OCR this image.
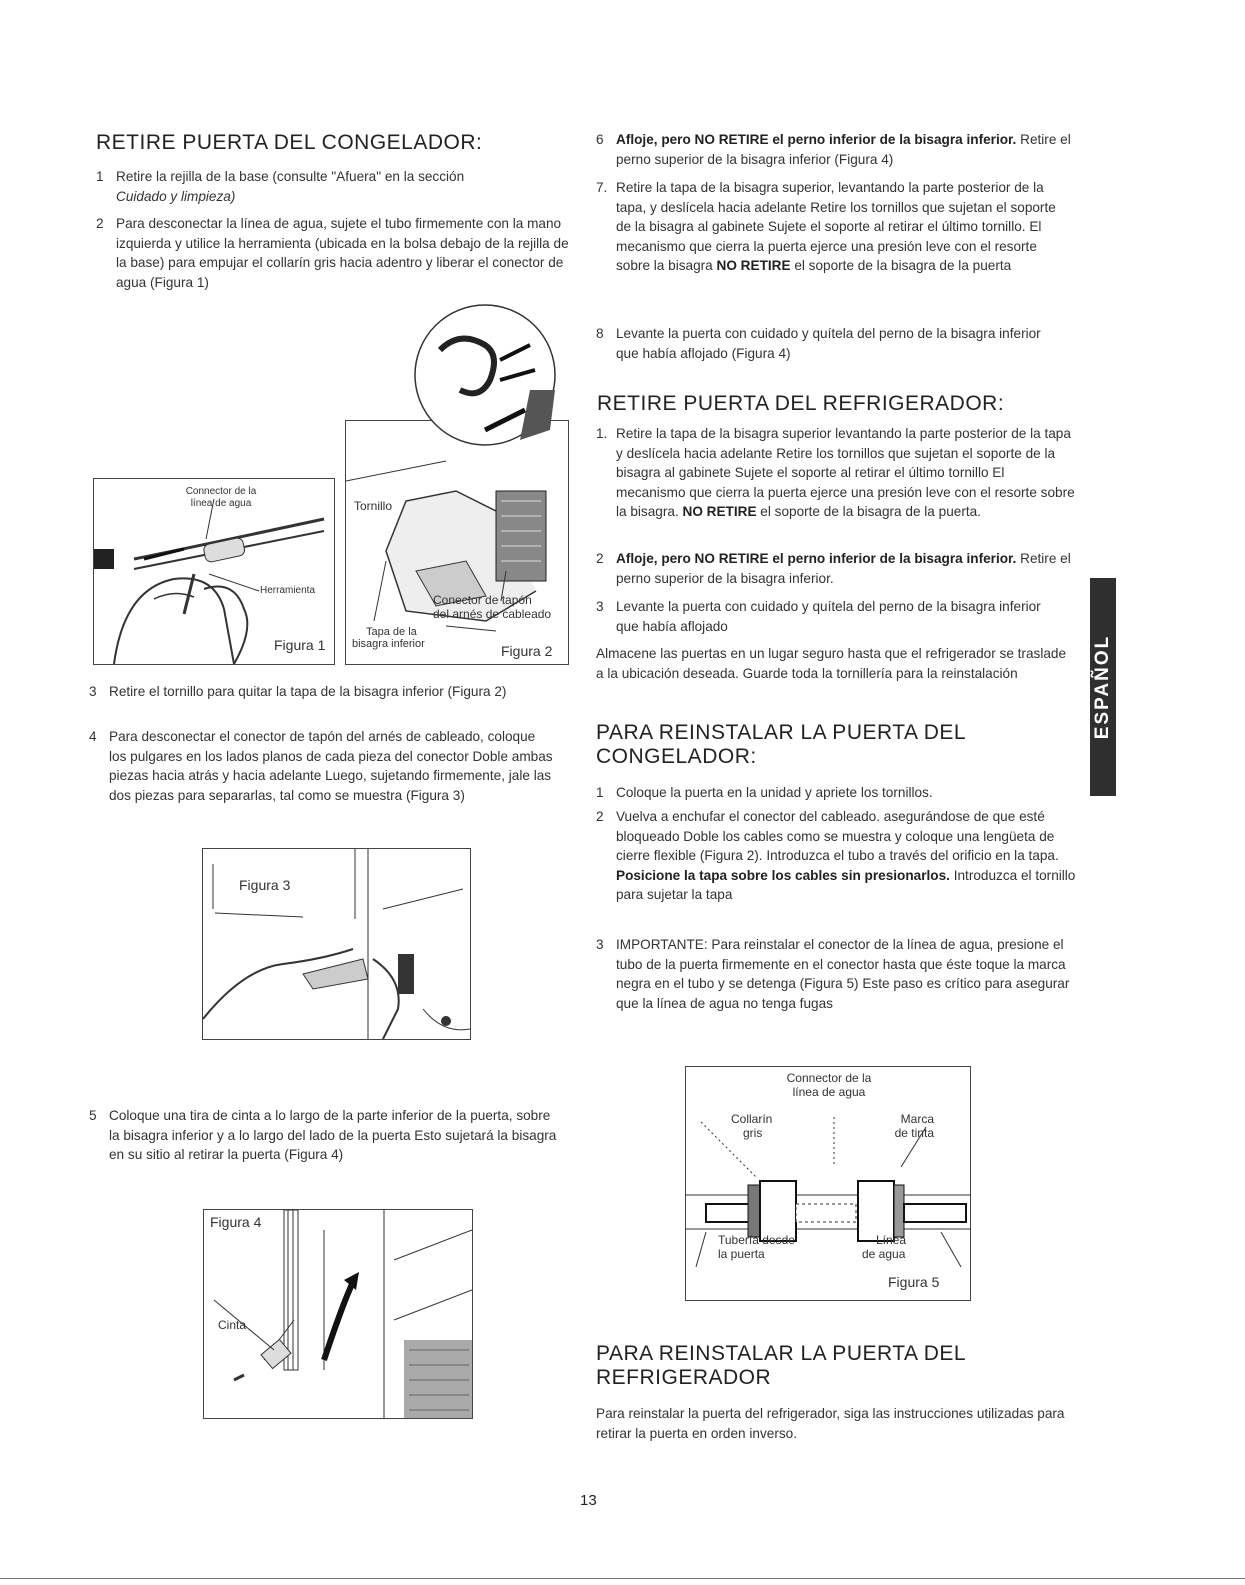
RETIRE PUERTA DEL CONGELADOR:
1 Retire la rejilla de la base (consulte "Afuera" en la sección
Cuidado y limpieza)
2 Para desconectar la línea de agua, sujete el tubo firmemente con la mano izquierda y utilice la herramienta (ubicada en la bolsa debajo de la rejilla de la base) para empujar el collarín gris hacia adentro y liberar el conector de agua (Figura 1)
Connector de la línea de agua
Herramienta
Figura 1
Tornillo
Conector de tapón
del arnés de cableado
Tapa de la
bisagra inferior	Figura 2
3 Retire el tornillo para quitar la tapa de la bisagra inferior (Figura 2)
4 Para desconectar el conector de tapón del arnés de cableado, coloque los pulgares en los lados planos de cada pieza del conector Doble ambas piezas hacia atrás y hacia adelante Luego, sujetando firmemente, jale las dos piezas para separarlas, tal como se muestra (Figura 3)
Figura 3
5 Coloque una tira de cinta a lo largo de la parte inferior de la puerta, sobre la bisagra inferior y a lo largo del lado de la puerta Esto sujetará la bisagra en su sitio al retirar la puerta (Figura 4)
Figura 4
Cinta
6 Afloje, pero NO RETIRE el perno inferior de la bisagra inferior. Retire el perno superior de la bisagra inferior (Figura 4)
7. Retire la tapa de la bisagra superior, levantando la parte posterior de la tapa, y deslícela hacia adelante Retire los tornillos que sujetan el soporte de la bisagra al gabinete Sujete el soporte al retirar el último tornillo. El mecanismo que cierra la puerta ejerce una presión leve con el resorte sobre la bisagra NO RETIRE el soporte de la bisagra de la puerta
8 Levante la puerta con cuidado y quítela del perno de la bisagra inferior que había aflojado (Figura 4)
RETIRE PUERTA DEL REFRIGERADOR:
1. Retire la tapa de la bisagra superior levantando la parte posterior de la tapa y deslícela hacia adelante Retire los tornillos que sujetan el soporte de la bisagra al gabinete Sujete el soporte al retirar el último tornillo El mecanismo que cierra la puerta ejerce una presión leve con el resorte sobre la bisagra. NO RETIRE el soporte de la bisagra de la puerta.
2 Afloje, pero NO RETIRE el perno inferior de la bisagra inferior. Retire el perno superior de la bisagra inferior.
3 Levante la puerta con cuidado y quítela del perno de la bisagra inferior que había aflojado
Almacene las puertas en un lugar seguro hasta que el refrigerador se traslade a la ubicación deseada. Guarde toda la tornillería para la reinstalación
PARA REINSTALAR LA PUERTA DEL
CONGELADOR:
1 Coloque la puerta en la unidad y apriete los tornillos.
2 Vuelva a enchufar el conector del cableado. asegurándose de que esté bloqueado Doble los cables como se muestra y coloque una lengüeta de cierre flexible (Figura 2). Introduzca el tubo a través del orificio en la tapa. Posicione la tapa sobre los cables sin presionarlos. Introduzca el tornillo para sujetar la tapa
3 IMPORTANTE: Para reinstalar el conector de la línea de agua, presione el tubo de la puerta firmemente en el conector hasta que éste toque la marca negra en el tubo y se detenga (Figura 5) Este paso es crítico para asegurar que la línea de agua no tenga fugas
Connector de la
línea de agua
Collarín
gris
Marca
de tinta
Tubería desde
la puerta
Línea
de agua
Figura 5
PARA REINSTALAR LA PUERTA DEL
REFRIGERADOR
Para reinstalar la puerta del refrigerador, siga las instrucciones utilizadas para retirar la puerta en orden inverso.
ESPAÑOL
13
